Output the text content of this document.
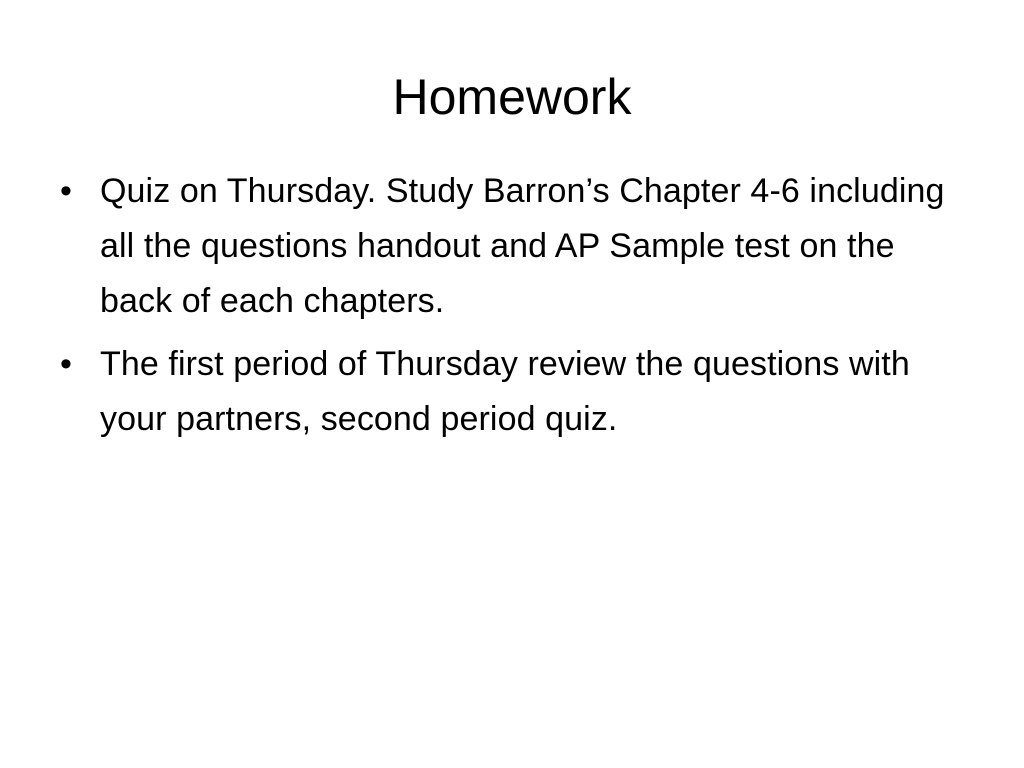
Homework
• Quiz on Thursday. Study Barron’s Chapter 4-6 including all the questions handout and AP Sample test on the back of each chapters.
• The first period of Thursday review the questions with your partners, second period quiz.
